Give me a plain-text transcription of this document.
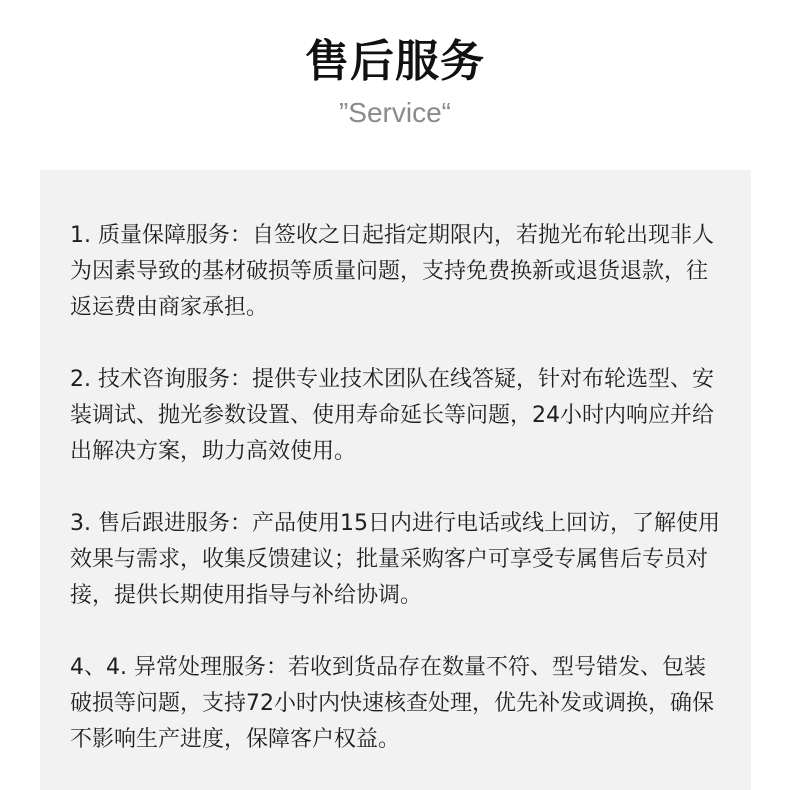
售后服务
”Service“

1. 质量保障服务：自签收之日起指定期限内，若抛光布轮出现非人为因素导致的基材破损等质量问题，支持免费换新或退货退款，往返运费由商家承担。

2. 技术咨询服务：提供专业技术团队在线答疑，针对布轮选型、安装调试、抛光参数设置、使用寿命延长等问题，24小时内响应并给出解决方案，助力高效使用。

3. 售后跟进服务：产品使用15日内进行电话或线上回访，了解使用效果与需求，收集反馈建议；批量采购客户可享受专属售后专员对接，提供长期使用指导与补给协调。

4、4. 异常处理服务：若收到货品存在数量不符、型号错发、包装破损等问题，支持72小时内快速核查处理，优先补发或调换，确保不影响生产进度，保障客户权益。
